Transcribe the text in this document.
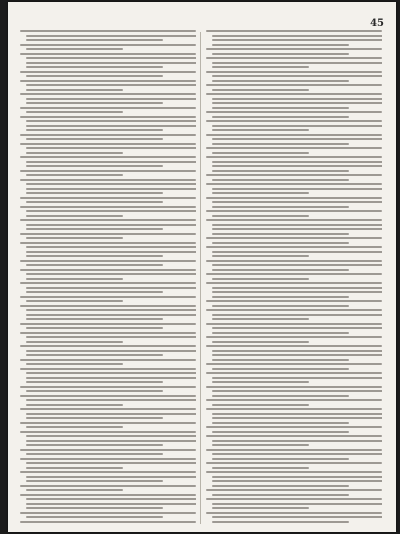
45
